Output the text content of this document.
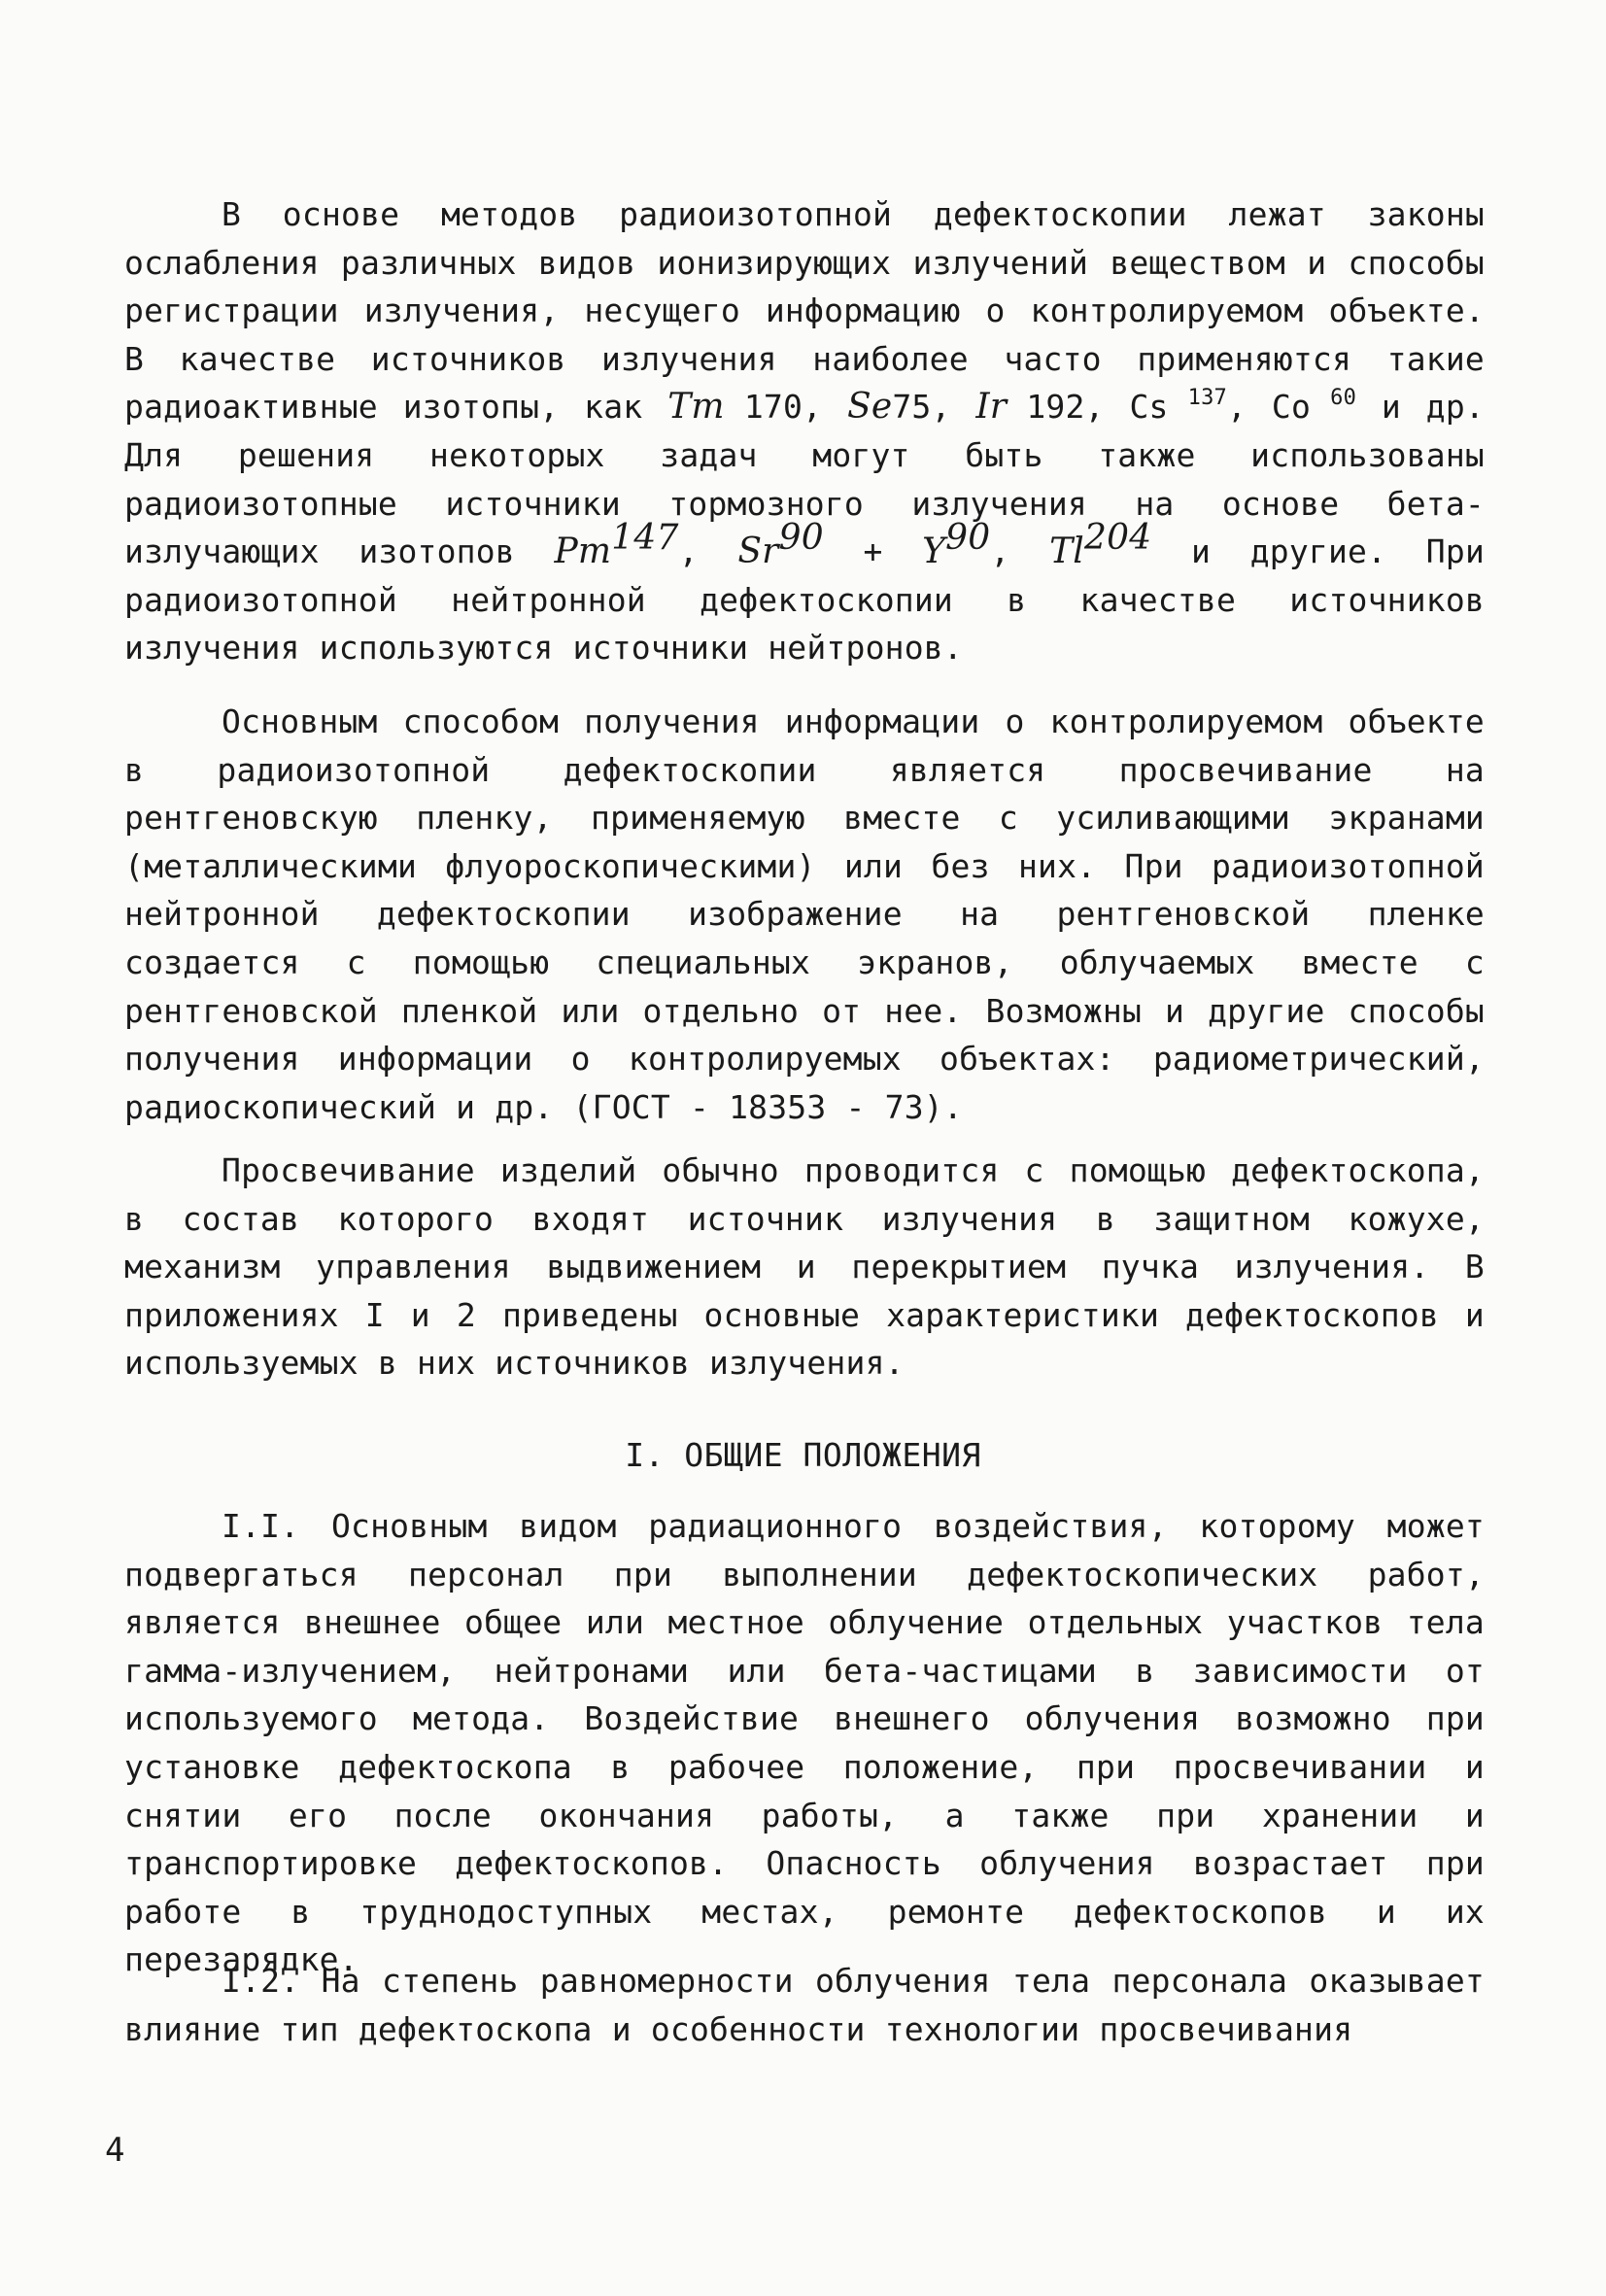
В основе методов радиоизотопной дефектоскопии лежат законы ослабления различных видов ионизирующих излучений веществом и способы регистрации излучения, несущего информацию о контролируемом объекте. В качестве источников излучения наиболее часто применяются такие радиоактивные изотопы, как Tm  170, Se75, Ir  192, Cs  $^{137}$, Co  $^{60}$ и др. Для решения некоторых задач могут быть также использованы радиоизотопные источники тормозного излучения на основе бета-излучающих изотопов Pm$^{147}$, $Sr^{90} + Y^{90}$, Tl$^{204}$ и другие. При радиоизотопной нейтронной дефектоскопии в качестве источников излучения используются источники нейтронов.
Основным способом получения информации о контролируемом объекте в радиоизотопной дефектоскопии является просвечивание на рентгеновскую пленку, применяемую вместе с усиливающими экранами (металлическими флуороскопическими) или без них. При радиоизотопной нейтронной дефектоскопии изображение на рентгеновской пленке создается с помощью специальных экранов, облучаемых вместе с рентгеновской пленкой или отдельно от нее. Возможны и другие способы получения информации о контролируемых объектах: радиометрический, радиоскопический и др. (ГОСТ - 18353 - 73).
Просвечивание изделий обычно проводится с помощью дефектоскопа, в состав которого входят источник излучения в защитном кожухе, механизм управления выдвижением и перекрытием пучка излучения. В приложениях I и 2 приведены основные характеристики дефектоскопов и используемых в них источников излучения.
I. ОБЩИЕ ПОЛОЖЕНИЯ
I.I. Основным видом радиационного воздействия, которому может подвергаться персонал при выполнении дефектоскопических работ, является внешнее общее или местное облучение отдельных участков тела гамма-излучением, нейтронами или бета-частицами в зависимости от используемого метода. Воздействие внешнего облучения возможно при установке дефектоскопа в рабочее положение, при просвечивании и снятии его после окончания работы, а также при хранении и транспортировке дефектоскопов. Опасность облучения возрастает при работе в труднодоступных местах, ремонте дефектоскопов и их перезарядке.
I.2. На степень равномерности облучения тела персонала оказывает влияние тип дефектоскопа и особенности технологии просвечивания
4
